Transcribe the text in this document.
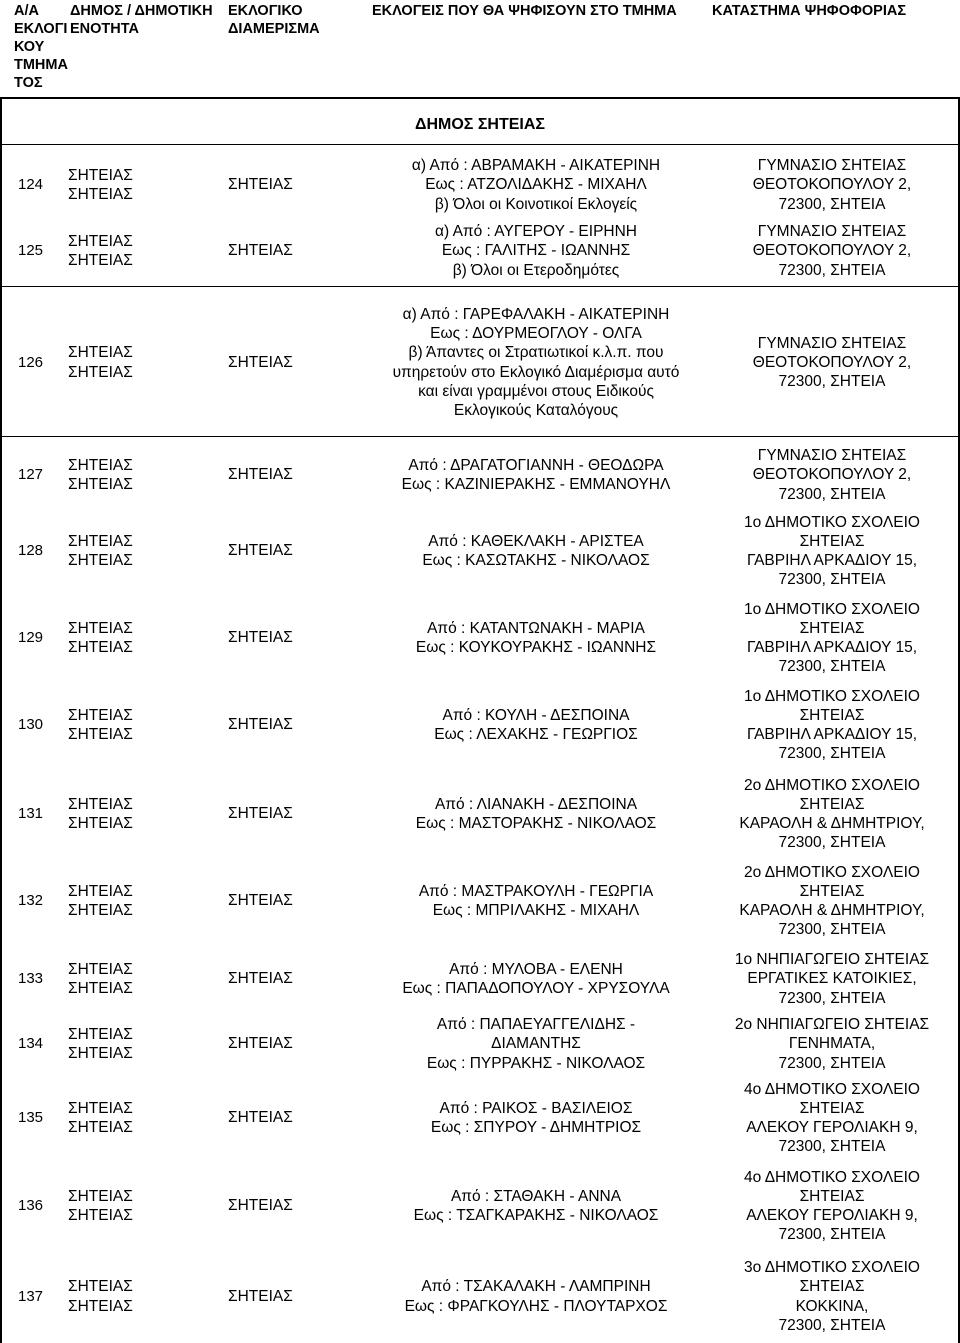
Α/Α
ΕΚΛΟΓΙ
ΚΟΥ
ΤΜΗΜΑ
ΤΟΣ
ΔΗΜΟΣ / ΔΗΜΟΤΙΚΗ
ΕΝΟΤΗΤΑ
ΕΚΛΟΓΙΚΟ
ΔΙΑΜΕΡΙΣΜΑ
ΕΚΛΟΓΕΙΣ ΠΟΥ ΘΑ ΨΗΦΙΣΟΥΝ ΣΤΟ ΤΜΗΜΑ	ΚΑΤΑΣΤΗΜΑ ΨΗΦΟΦΟΡΙΑΣ
ΔΗΜΟΣ ΣΗΤΕΙΑΣ
124
ΣΗΤΕΙΑΣ
ΣΗΤΕΙΑΣ
ΣΗΤΕΙΑΣ
α) Από : ΑΒΡΑΜΑΚΗ - ΑΙΚΑΤΕΡΙΝΗ
Εως : ΑΤΖΟΛΙΔΑΚΗΣ - ΜΙΧΑΗΛ
β) Όλοι οι Κοινοτικοί Εκλογείς
ΓΥΜΝΑΣΙΟ ΣΗΤΕΙΑΣ
ΘΕΟΤΟΚΟΠΟΥΛΟΥ 2,
72300, ΣΗΤΕΙΑ
125
ΣΗΤΕΙΑΣ
ΣΗΤΕΙΑΣ
ΣΗΤΕΙΑΣ
α) Από : ΑΥΓΕΡΟΥ - ΕΙΡΗΝΗ
Εως : ΓΑΛΙΤΗΣ - ΙΩΑΝΝΗΣ
β) Όλοι οι Ετεροδημότες
ΓΥΜΝΑΣΙΟ ΣΗΤΕΙΑΣ
ΘΕΟΤΟΚΟΠΟΥΛΟΥ 2,
72300, ΣΗΤΕΙΑ
126
ΣΗΤΕΙΑΣ
ΣΗΤΕΙΑΣ
ΣΗΤΕΙΑΣ
α) Από : ΓΑΡΕΦΑΛΑΚΗ - ΑΙΚΑΤΕΡΙΝΗ
Εως : ΔΟΥΡΜΕΟΓΛΟΥ - ΟΛΓΑ
β) Άπαντες οι Στρατιωτικοί κ.λ.π. που
υπηρετούν στο Εκλογικό Διαμέρισμα αυτό
και είναι γραμμένοι στους Ειδικούς
Εκλογικούς Καταλόγους
ΓΥΜΝΑΣΙΟ ΣΗΤΕΙΑΣ
ΘΕΟΤΟΚΟΠΟΥΛΟΥ 2,
72300, ΣΗΤΕΙΑ
127
ΣΗΤΕΙΑΣ
ΣΗΤΕΙΑΣ
ΣΗΤΕΙΑΣ
Από : ΔΡΑΓΑΤΟΓΙΑΝΝΗ - ΘΕΟΔΩΡΑ
Εως : ΚΑΖΙΝΙΕΡΑΚΗΣ - ΕΜΜΑΝΟΥΗΛ
ΓΥΜΝΑΣΙΟ ΣΗΤΕΙΑΣ
ΘΕΟΤΟΚΟΠΟΥΛΟΥ 2,
72300, ΣΗΤΕΙΑ
128
ΣΗΤΕΙΑΣ
ΣΗΤΕΙΑΣ
ΣΗΤΕΙΑΣ
Από : ΚΑΘΕΚΛΑΚΗ - ΑΡΙΣΤΕΑ
Εως : ΚΑΣΩΤΑΚΗΣ - ΝΙΚΟΛΑΟΣ
1ο ΔΗΜΟΤΙΚΟ ΣΧΟΛΕΙΟ
ΣΗΤΕΙΑΣ
ΓΑΒΡΙΗΛ ΑΡΚΑΔΙΟΥ 15,
72300, ΣΗΤΕΙΑ
129
ΣΗΤΕΙΑΣ
ΣΗΤΕΙΑΣ
ΣΗΤΕΙΑΣ
Από : ΚΑΤΑΝΤΩΝΑΚΗ - ΜΑΡΙΑ
Εως : ΚΟΥΚΟΥΡΑΚΗΣ - ΙΩΑΝΝΗΣ
1ο ΔΗΜΟΤΙΚΟ ΣΧΟΛΕΙΟ
ΣΗΤΕΙΑΣ
ΓΑΒΡΙΗΛ ΑΡΚΑΔΙΟΥ 15,
72300, ΣΗΤΕΙΑ
130
ΣΗΤΕΙΑΣ
ΣΗΤΕΙΑΣ
ΣΗΤΕΙΑΣ
Από : ΚΟΥΛΗ - ΔΕΣΠΟΙΝΑ
Εως : ΛΕΧΑΚΗΣ - ΓΕΩΡΓΙΟΣ
1ο ΔΗΜΟΤΙΚΟ ΣΧΟΛΕΙΟ
ΣΗΤΕΙΑΣ
ΓΑΒΡΙΗΛ ΑΡΚΑΔΙΟΥ 15,
72300, ΣΗΤΕΙΑ
131
ΣΗΤΕΙΑΣ
ΣΗΤΕΙΑΣ
ΣΗΤΕΙΑΣ
Από : ΛΙΑΝΑΚΗ - ΔΕΣΠΟΙΝΑ
Εως : ΜΑΣΤΟΡΑΚΗΣ - ΝΙΚΟΛΑΟΣ
2ο ΔΗΜΟΤΙΚΟ ΣΧΟΛΕΙΟ
ΣΗΤΕΙΑΣ
ΚΑΡΑΟΛΗ & ΔΗΜΗΤΡΙΟΥ,
72300, ΣΗΤΕΙΑ
132
ΣΗΤΕΙΑΣ
ΣΗΤΕΙΑΣ
ΣΗΤΕΙΑΣ
Από : ΜΑΣΤΡΑΚΟΥΛΗ - ΓΕΩΡΓΙΑ
Εως : ΜΠΡΙΛΑΚΗΣ - ΜΙΧΑΗΛ
2ο ΔΗΜΟΤΙΚΟ ΣΧΟΛΕΙΟ
ΣΗΤΕΙΑΣ
ΚΑΡΑΟΛΗ & ΔΗΜΗΤΡΙΟΥ,
72300, ΣΗΤΕΙΑ
133
ΣΗΤΕΙΑΣ
ΣΗΤΕΙΑΣ
ΣΗΤΕΙΑΣ
Από : ΜΥΛΟΒΑ - ΕΛΕΝΗ
Εως : ΠΑΠΑΔΟΠΟΥΛΟΥ - ΧΡΥΣΟΥΛΑ
1ο ΝΗΠΙΑΓΩΓΕΙΟ ΣΗΤΕΙΑΣ
ΕΡΓΑΤΙΚΕΣ ΚΑΤΟΙΚΙΕΣ,
72300, ΣΗΤΕΙΑ
134
ΣΗΤΕΙΑΣ
ΣΗΤΕΙΑΣ
ΣΗΤΕΙΑΣ
Από : ΠΑΠΑΕΥΑΓΓΕΛΙΔΗΣ -
ΔΙΑΜΑΝΤΗΣ
Εως : ΠΥΡΡΑΚΗΣ - ΝΙΚΟΛΑΟΣ
2ο ΝΗΠΙΑΓΩΓΕΙΟ ΣΗΤΕΙΑΣ
ΓΕΝΗΜΑΤΑ,
72300, ΣΗΤΕΙΑ
135
ΣΗΤΕΙΑΣ
ΣΗΤΕΙΑΣ
ΣΗΤΕΙΑΣ
Από : ΡΑΙΚΟΣ - ΒΑΣΙΛΕΙΟΣ
Εως : ΣΠΥΡΟΥ - ΔΗΜΗΤΡΙΟΣ
4ο ΔΗΜΟΤΙΚΟ ΣΧΟΛΕΙΟ
ΣΗΤΕΙΑΣ
ΑΛΕΚΟΥ ΓΕΡΟΛΙΑΚΗ 9,
72300, ΣΗΤΕΙΑ
136
ΣΗΤΕΙΑΣ
ΣΗΤΕΙΑΣ
ΣΗΤΕΙΑΣ
Από : ΣΤΑΘΑΚΗ - ΑΝΝΑ
Εως : ΤΣΑΓΚΑΡΑΚΗΣ - ΝΙΚΟΛΑΟΣ
4ο ΔΗΜΟΤΙΚΟ ΣΧΟΛΕΙΟ
ΣΗΤΕΙΑΣ
ΑΛΕΚΟΥ ΓΕΡΟΛΙΑΚΗ 9,
72300, ΣΗΤΕΙΑ
137
ΣΗΤΕΙΑΣ
ΣΗΤΕΙΑΣ
ΣΗΤΕΙΑΣ
Από : ΤΣΑΚΑΛΑΚΗ - ΛΑΜΠΡΙΝΗ
Εως : ΦΡΑΓΚΟΥΛΗΣ - ΠΛΟΥΤΑΡΧΟΣ
3ο ΔΗΜΟΤΙΚΟ ΣΧΟΛΕΙΟ
ΣΗΤΕΙΑΣ
ΚΟΚΚΙΝΑ,
72300, ΣΗΤΕΙΑ
